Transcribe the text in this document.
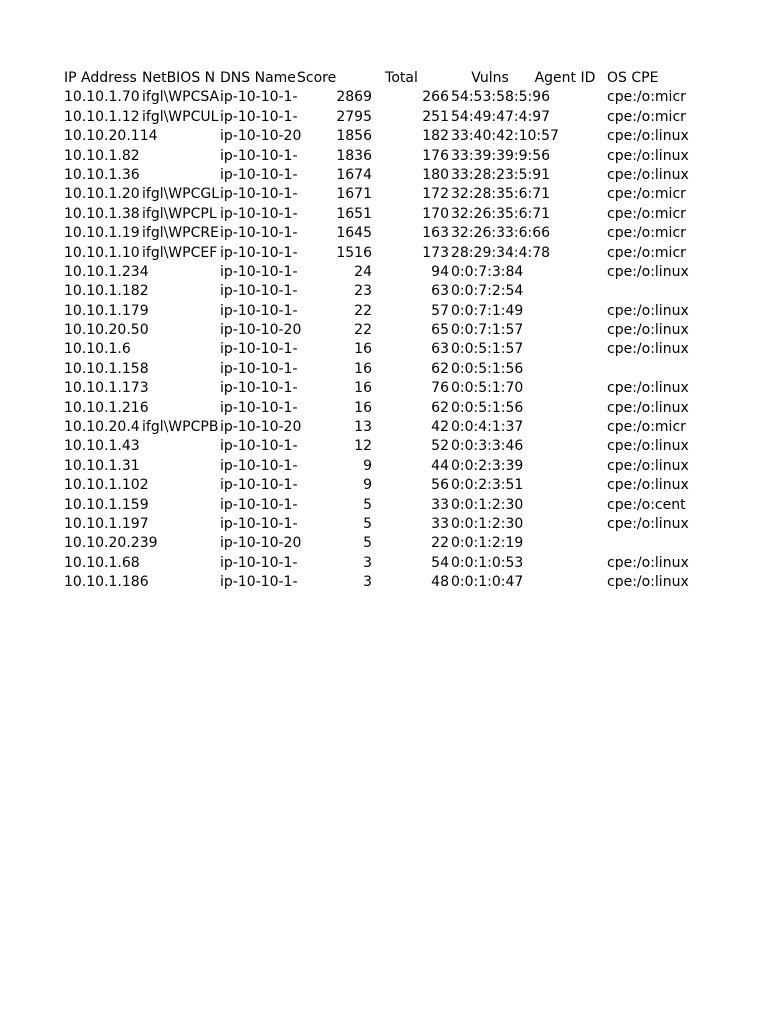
IP Address NetBIOS N DNS Name Score	Total	Vulns	Agent ID OS CPE
10.10.1.70 ifgl\WPCSA ip-10-10-1-	2869	266 54:53:58:5:96	cpe:/o:micr
10.10.1.12 ifgl\WPCUL ip-10-10-1-	2795	251 54:49:47:4:97	cpe:/o:micr
10.10.20.114	ip-10-10-20	1856	182 33:40:42:10:57	cpe:/o:linux
10.10.1.82	ip-10-10-1-	1836	176 33:39:39:9:56	cpe:/o:linux
10.10.1.36	ip-10-10-1-	1674	180 33:28:23:5:91	cpe:/o:linux
10.10.1.20 ifgl\WPCGL ip-10-10-1-	1671	172 32:28:35:6:71	cpe:/o:micr
10.10.1.38 ifgl\WPCPL ip-10-10-1-	1651	170 32:26:35:6:71	cpe:/o:micr
10.10.1.19 ifgl\WPCRE ip-10-10-1-	1645	163 32:26:33:6:66	cpe:/o:micr
10.10.1.10 ifgl\WPCEF ip-10-10-1-	1516	173 28:29:34:4:78	cpe:/o:micr
10.10.1.234	ip-10-10-1-	24	94 0:0:7:3:84	cpe:/o:linux
10.10.1.182	ip-10-10-1-	23	63 0:0:7:2:54
10.10.1.179	ip-10-10-1-	22	57 0:0:7:1:49	cpe:/o:linux
10.10.20.50	ip-10-10-20	22	65 0:0:7:1:57	cpe:/o:linux
10.10.1.6	ip-10-10-1-	16	63 0:0:5:1:57	cpe:/o:linux
10.10.1.158	ip-10-10-1-	16	62 0:0:5:1:56
10.10.1.173	ip-10-10-1-	16	76 0:0:5:1:70	cpe:/o:linux
10.10.1.216	ip-10-10-1-	16	62 0:0:5:1:56	cpe:/o:linux
10.10.20.4 ifgl\WPCPB ip-10-10-20	13	42 0:0:4:1:37	cpe:/o:micr
10.10.1.43	ip-10-10-1-	12	52 0:0:3:3:46	cpe:/o:linux
10.10.1.31	ip-10-10-1-	9	44 0:0:2:3:39	cpe:/o:linux
10.10.1.102	ip-10-10-1-	9	56 0:0:2:3:51	cpe:/o:linux
10.10.1.159	ip-10-10-1-	5	33 0:0:1:2:30	cpe:/o:cent
10.10.1.197	ip-10-10-1-	5	33 0:0:1:2:30	cpe:/o:linux
10.10.20.239	ip-10-10-20	5	22 0:0:1:2:19
10.10.1.68	ip-10-10-1-	3	54 0:0:1:0:53	cpe:/o:linux
10.10.1.186	ip-10-10-1-	3	48 0:0:1:0:47	cpe:/o:linux
